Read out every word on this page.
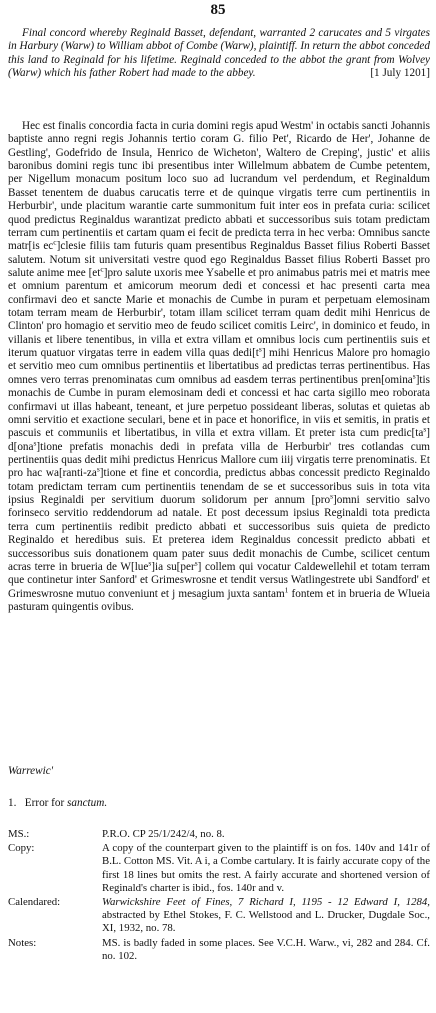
85
Final concord whereby Reginald Basset, defendant, warranted 2 carucates and 5 virgates in Harbury (Warw) to William abbot of Combe (Warw), plaintiff. In return the abbot conceded this land to Reginald for his lifetime. Reginald conceded to the abbot the grant from Wolvey (Warw) which his father Robert had made to the abbey.	[1 July 1201]
Hec est finalis concordia facta in curia domini regis apud Westm' in octabis sancti Johannis baptiste anno regni regis Johannis tertio coram G. filio Pet', Ricardo de Her', Johanne de Gestling', Godefrido de Insula, Henrico de Wicheton', Waltero de Creping', justic' et aliis baronibus domini regis tunc ibi presentibus inter Willelmum abbatem de Cumbe petentem, per Nigellum monacum positum loco suo ad lucrandum vel perdendum, et Reginaldum Basset tenentem de duabus carucatis terre et de quinque virgatis terre cum pertinentiis in Herburbir', unde placitum warantie carte summonitum fuit inter eos in prefata curia: scilicet quod predictus Reginaldus warantizat predicto abbati et successoribus suis totam predictam terram cum pertinentiis et cartam quam ei fecit de predicta terra in hec verba: Omnibus sancte matr[is $ec^c]clesie$ filiis tam futuris quam presentibus Reginaldus Basset filius Roberti Basset salutem. Notum sit universitati vestre quod ego Reginaldus Basset filius Roberti Basset pro salute anime mee $[et^c]pro$ salute uxoris mee Ysabelle et pro animabus patris mei et matris mee et omnium parentum et amicorum meorum dedi et concessi et hac presenti carta mea confirmavi deo et sancte Marie et monachis de Cumbe in puram et perpetuam elemosinam totam terram meam de Herburbir', totam illam scilicet terram quam dedit mihi Henricus de Clinton' pro homagio et servitio meo de feudo scilicet comitis Leirc', in dominico et feudo, in villanis et libere tenentibus, in villa et extra villam et omnibus locis cum pertinentiis suis et iterum quatuor virgatas terre in eadem villa quas $dedi[t^s]$ mihi Henricus Malore pro homagio et servitio meo cum omnibus pertinentiis et libertatibus ad predictas terras pertinentibus. Has omnes vero terras prenominatas cum omnibus ad easdem terras pertinentibus pren[omina$^s$]tis monachis de Cumbe in puram elemosinam dedi et concessi et hac carta sigillo meo roborata confirmavi ut illas habeant, teneant, et jure perpetuo possideant liberas, solutas et quietas ab omni servitio et exactione seculari, bene et in pace et honorifice, in viis et semitis, in pratis et pascuis et communiis et libertatibus, in villa et extra villam. Et preter ista cum $predic[ta^s]$ d[ona$^s$]tione prefatis monachis dedi in prefata villa de Herburbir' tres cotlandas cum pertinentiis quas dedit mihi predictus Henricus Mallore cum iiij virgatis terre prenominatis. Et pro hac $wa[ranti-za^s]tione$ et fine et concordia, predictus abbas concessit predicto Reginaldo totam predictam terram cum pertinentiis tenendam de se et successoribus suis in tota vita ipsius Reginaldi per servitium duorum solidorum per annum [pro$^s$]omni servitio salvo forinseco servitio reddendorum ad natale. Et post decessum ipsius Reginaldi tota predicta terra cum pertinentiis redibit predicto abbati et successoribus suis quieta de predicto Reginaldo et heredibus suis. Et preterea idem Reginaldus concessit predicto abbati et successoribus suis donationem quam pater suus dedit monachis de Cumbe, scilicet centum acras terre in brueria de W[lue$^s$]ia su[per$^s$] collem qui vocatur Caldewellehil et totam terram que continetur inter Sanford' et Grimeswrosne et tendit versus Watlingestrete ubi Sandford' et Grimeswrosne mutuo conveniunt et j mesagium juxta santam$^1$ fontem et in brueria de Wlueia pasturam quingentis ovibus.
Warrewic'
1. Error for sanctum.
MS.:	P.R.O. CP 25/1/242/4, no. 8.
Copy:	A copy of the counterpart given to the plaintiff is on fos. 140v and 141r of B.L. Cotton MS. Vit. A i, a Combe cartulary. It is fairly accurate copy of the first 18 lines but omits the rest. A fairly accurate and shortened version of Reginald's charter is ibid., fos. 140r and v.
Calendared:	Warwickshire Feet of Fines, 7 Richard I, 1195 - 12 Edward I, 1284, abstracted by Ethel Stokes, F. C. Wellstood and L. Drucker, Dugdale Soc., XI, 1932, no. 78.
Notes:	MS. is badly faded in some places. See V.C.H. Warw., vi, 282 and 284. Cf. no. 102.
